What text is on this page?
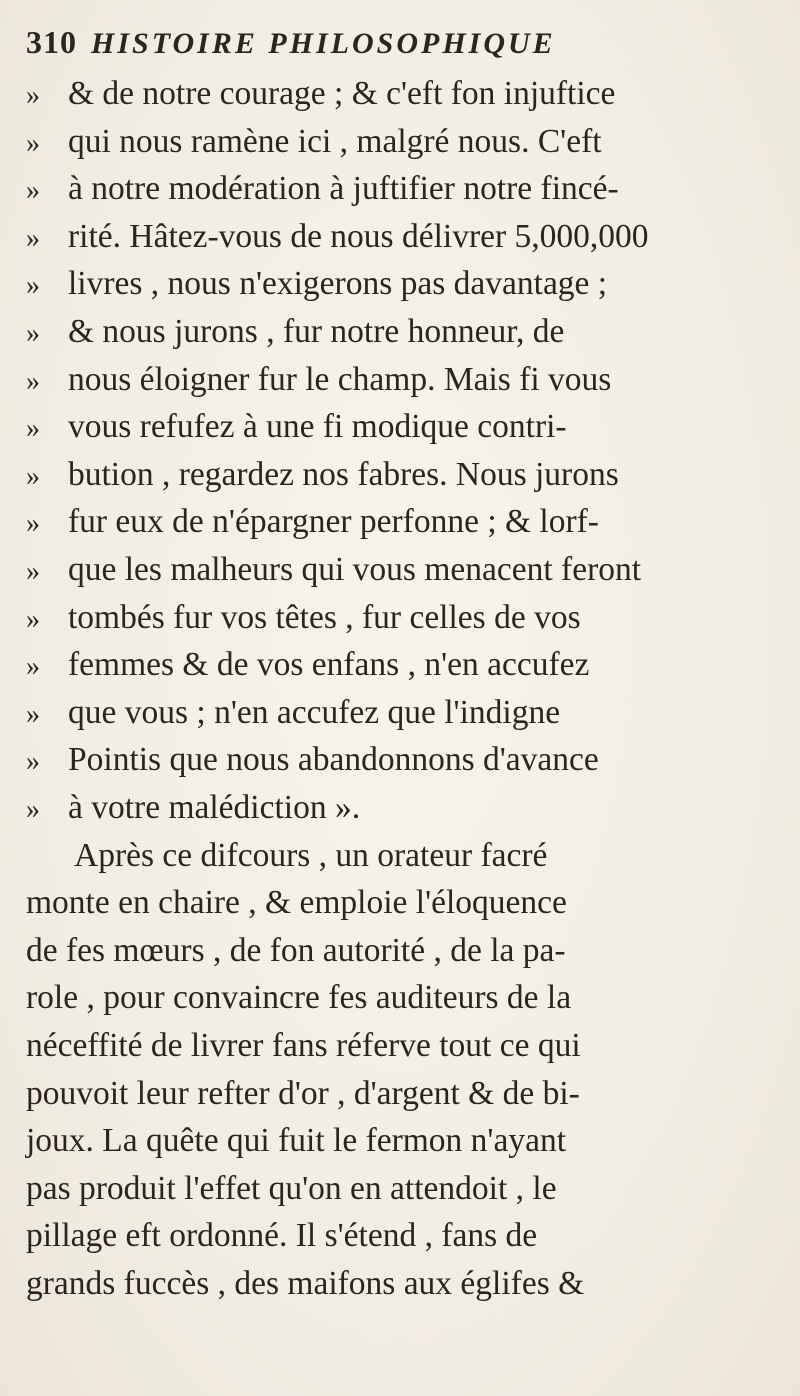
310 HISTOIRE PHILOSOPHIQUE
» & de notre courage ; & c'eft fon injuftice
» qui nous ramène ici , malgré nous. C'eft
» à notre modération à juftifier notre fincé-
» rité. Hâtez-vous de nous délivrer 5,000,000
» livres , nous n'exigerons pas davantage ;
» & nous jurons , fur notre honneur, de
» nous éloigner fur le champ. Mais fi vous
» vous refufez à une fi modique contri-
» bution , regardez nos fabres. Nous jurons
» fur eux de n'épargner perfonne ; & lorf-
» que les malheurs qui vous menacent feront
» tombés fur vos têtes , fur celles de vos
» femmes & de vos enfans , n'en accufez
» que vous ; n'en accufez que l'indigne
» Pointis que nous abandonnons d'avance
» à votre malédiction ».
Après ce difcours , un orateur facré
monte en chaire , & emploie l'éloquence
de fes mœurs , de fon autorité , de la pa-
role , pour convaincre fes auditeurs de la
néceffité de livrer fans réferve tout ce qui
pouvoit leur refter d'or , d'argent & de bi-
joux. La quête qui fuit le fermon n'ayant
pas produit l'effet qu'on en attendoit , le
pillage eft ordonné. Il s'étend , fans de
grands fuccès , des maifons aux églifes &
